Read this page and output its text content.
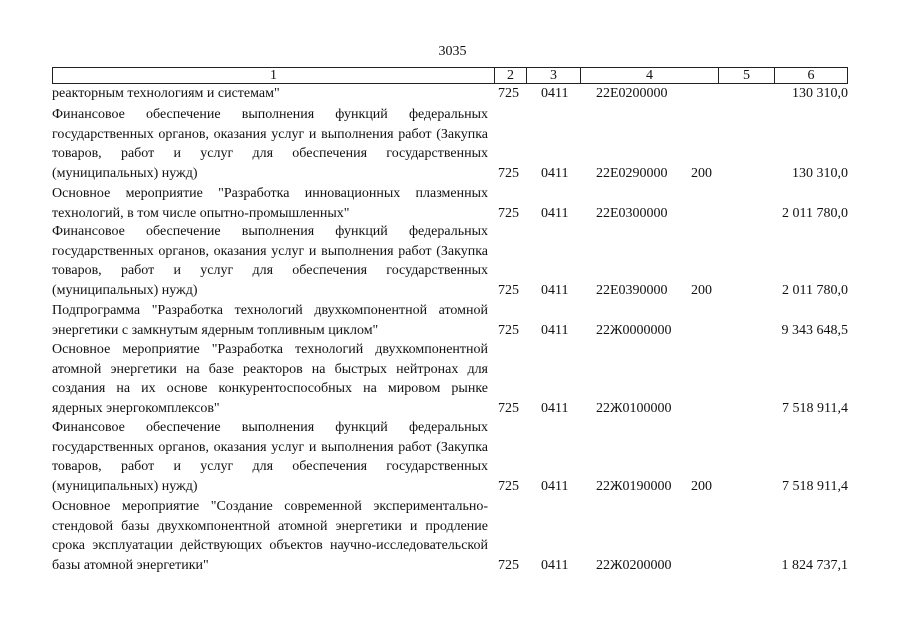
3035
1	2	3	4	5	6
реакторным технологиям и системам"	725 0411 22Е0200000	130 310,0
Финансовое обеспечение выполнения функций федеральных государственных органов, оказания услуг и выполнения работ (Закупка товаров, работ и услуг для обеспечения государственных (муниципальных) нужд)	725 0411 22Е0290000 200	130 310,0
Основное мероприятие "Разработка инновационных плазменных технологий, в том числе опытно-промышленных"	725 0411 22Е0300000	2 011 780,0
Финансовое обеспечение выполнения функций федеральных государственных органов, оказания услуг и выполнения работ (Закупка товаров, работ и услуг для обеспечения государственных (муниципальных) нужд)	725 0411 22Е0390000 200	2 011 780,0
Подпрограмма "Разработка технологий двухкомпонентной атомной энергетики с замкнутым ядерным топливным циклом"	725 0411 22Ж0000000	9 343 648,5
Основное мероприятие "Разработка технологий двухкомпонентной атомной энергетики на базе реакторов на быстрых нейтронах для создания на их основе конкурентоспособных на мировом рынке ядерных энергокомплексов"	725 0411 22Ж0100000	7 518 911,4
Финансовое обеспечение выполнения функций федеральных государственных органов, оказания услуг и выполнения работ (Закупка товаров, работ и услуг для обеспечения государственных (муниципальных) нужд)	725 0411 22Ж0190000 200	7 518 911,4
Основное мероприятие "Создание современной экспериментально-стендовой базы двухкомпонентной атомной энергетики и продление срока эксплуатации действующих объектов научно-исследовательской базы атомной энергетики"	725 0411 22Ж0200000	1 824 737,1
